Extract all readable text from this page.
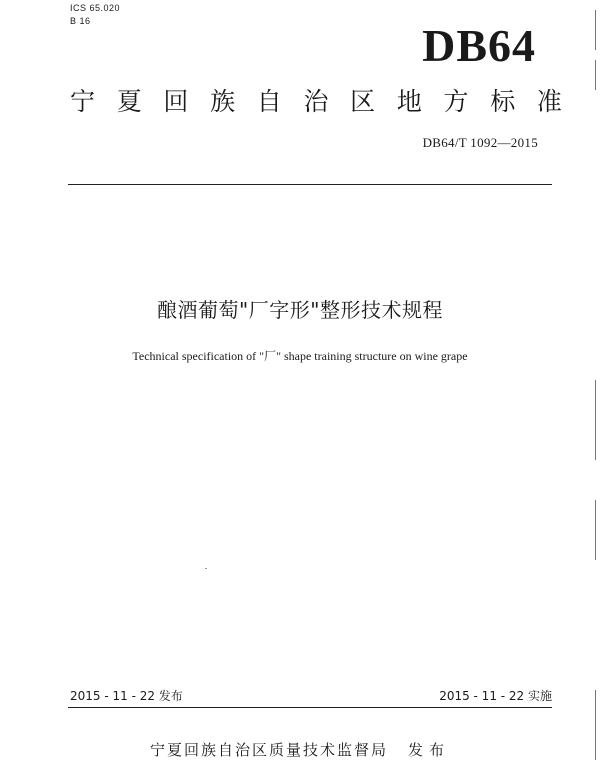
ICS 65.020
B 16	DB64
宁 夏 回 族 自 治 区 地 方 标 准
DB64/T 1092—2015
酿酒葡萄"厂字形"整形技术规程
Technical specification of "厂" shape training structure on wine grape
2015 - 11 - 22 发布	2015 - 11 - 22 实施
宁夏回族自治区质量技术监督局 发布
